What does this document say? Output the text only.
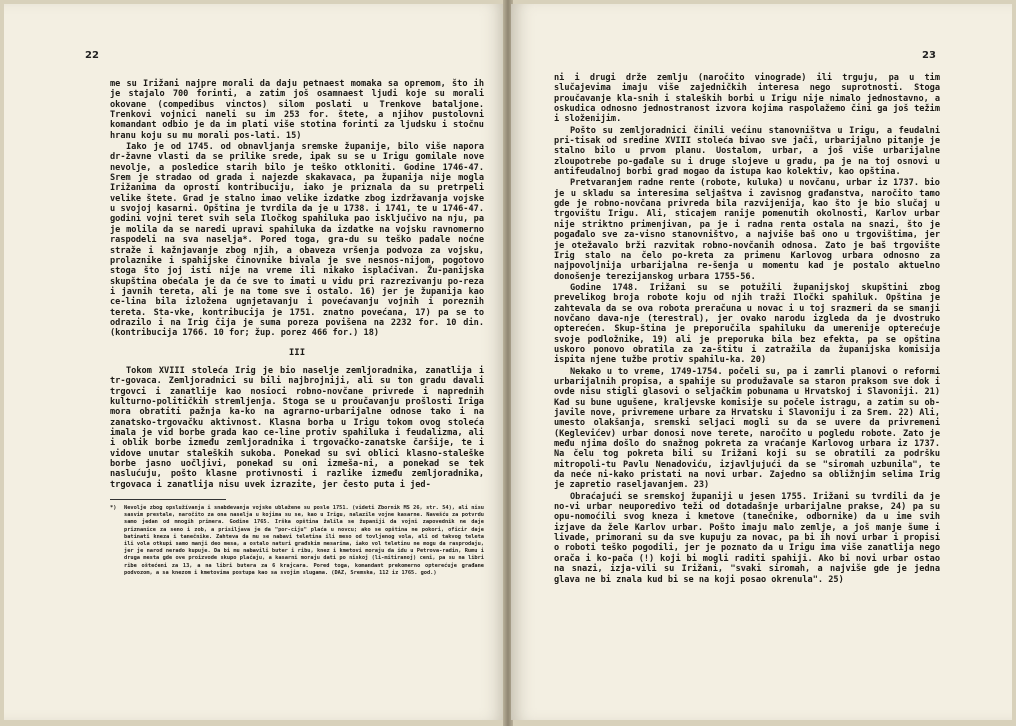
22

me su Irižani najpre morali da daju petnaest momaka sa opremom, što ih je stajalo 700 forinti, a zatim još osamnaest ljudi koje su morali okovane (compedibus vinctos) silom poslati u Trenkove bataljone. Trenkovi vojnici naneli su im 253 for. štete, a njihov pustolovni komandant odbio je da im plati više stotina forinti za ljudsku i stočnu hranu koju su mu morali pos-lati. 15)

Iako je od 1745. od obnavljanja sremske županije, bilo više napora dr-žavne vlasti da se prilike srede, ipak su se u Irigu gomilale nove nevolje, a posledice starih bilo je teško otkloniti. Godine 1746-47. Srem je stradao od grada i najezde skakavaca, pa županija nije mogla Irižanima da oprosti kontribuciju, iako je priznala da su pretrpeli velike štete. Grad je stalno imao velike izdatke zbog izdržavanja vojske u svojoj kasarni. Opština je tvrdila da je u 1738. i 1741, te u 1746-47. godini vojni teret svih sela Iločkog spahiluka pao isključivo na nju, pa je molila da se naredi upravi spahiluka da izdatke na vojsku ravnomerno raspodeli na sva naselja*. Pored toga, gra-du su teško padale noćne straže i kažnjavanje zbog njih, a obaveza vršenja podvoza za vojsku, prolaznike i spahijske činovnike bivala je sve nesnos-nijom, pogotovo stoga što joj isti nije na vreme ili nikako isplaćivan. Žu-panijska skupština obećala je da će sve to imati u vidu pri razrezivanju po-reza i javnih tereta, ali je na tome sve i ostalo. 16) jer je županija kao ce-lina bila izložena ugnjetavanju i povećavanju vojnih i poreznih tereta. Sta-vke, kontribucija je 1751. znatno povećana, 17) pa se to odrazilo i na Irig čija je suma poreza povišena na 2232 for. 10 din. (kontribucija 1766. 10 for; žup. porez 466 for.) 18)

III

Tokom XVIII stoleća Irig je bio naselje zemljoradnika, zanatlija i tr-govaca. Zemljoradnici su bili najbrojniji, ali su ton gradu davali trgovci i zanatlije kao nosioci robno-novčane privrede i naprednih kulturno-političkih stremljenja. Stoga se u proučavanju prošlosti Iriga mora obratiti pažnja ka-ko na agrarno-urbarijalne odnose tako i na zanatsko-trgovačku aktivnost. Klasna borba u Irigu tokom ovog stoleća imala je vid borbe grada kao ce-line protiv spahiluka i feudalizma, ali i oblik borbe između zemljoradnika i trgovačko-zanatske čaršije, te i vidove unutar staleških sukoba. Ponekad su svi oblici klasno-staleške borbe jasno uočljivi, ponekad su oni izmeša-ni, a ponekad se tek naslućuju, pošto klasne protivnosti i razlike između zemljoradnika, trgovaca i zanatlija nisu uvek izrazite, jer često puta i jed-

*) Nevolje zbog opslužívanja i snabdevanja vojske ublažene su posle 1751. (videti Zbornik MS 26, str. 54), ali nisu sasvim prestale, naročito za ona naselja u kojima su se, kao u Irigu, nalazile vojne kasarne. Navešću za potvrdu samo jedan od mnogih primera. Godine 1765. Irška opština žalila se županiji da vojni zapovednik ne daje priznanice za seno i zob, a prisiljava je da "por-ciju" plaća u novcu; ako se opština ne pokori, oficir daje batinati kneza i tanečnike. Zahteva da mu se nabavi teletina ili meso od tovljenog vola, ali od takvog teleta ili vola otkupi samo manji deo mesa, a ostalo naturi građskim mesarima, iako vol teletinu ne mogu da rasprodaju, jer je narod nerado kupuje. Da bi mu nabavili buter i ribu, knez i kmetovi moraju da idu u Petrova-radin, Rumu i druga mesta gde ove proizvode skupo plaćaju, a kasarni moraju dati po niskoj (li-mitiranoj) ceni, pa su na libri ribe oštećeni za 13, a na libri butera za 6 krajcara. Pored toga, komandant prekomerno opterećuje građane podvozom, a sa knezom i kmetovima postupa kao sa svojim slugama. (DAZ, Sremska, 112 iz 1765. god.)
23

ni i drugi drže zemlju (naročito vinograde) ili trguju, pa u tim slučajevima imaju više zajedničkih interesa nego suprotnosti. Stoga proučavanje kla-snih i staleških borbi u Irigu nije nimalo jednostavno, a oskudica odnosno jednostranost izvora kojima raspolažemo čini ga još težim i složenijim.

Pošto su zemljoradnici činili većinu stanovništva u Irigu, a feudalni pri-tisak od sredine XVIII stoleća bivao sve jači, urbarijalno pitanje je stalno bilo u prvom planu. Uostalom, urbar, a još više urbarijalne zloupotrebe po-gađale su i druge slojeve u gradu, pa je na toj osnovi u antifeudalnoj borbi grad mogao da istupa kao kolektiv, kao opština.

Pretvaranjem radne rente (robote, kuluka) u novčanu, urbar iz 1737. bio je u skladu sa interesima seljaštva i zavisnog građanstva, naročito tamo gde je robno-novčana privreda bila razvijenija, kao što je bio slučaj u trgovištu Irigu. Ali, sticajem ranije pomenutih okolnosti, Karlov urbar nije striktno primenjivan, pa je i radna renta ostala na snazi, što je pogađalo sve za-visno stanovništvo, a najviše baš ono u trgovištima, jer je otežavalo brži razvitak robno-novčanih odnosa. Zato je baš trgovište Irig stalo na čelo po-kreta za primenu Karlovog urbara odnosno za najpovoljnija urbarijalna re-šenja u momentu kad je postalo aktuelno donošenje terezijanskog urbara 1755-56.

Godine 1748. Irižani su se potužili županijskoj skupštini zbog prevelikog broja robote koju od njih traži Iločki spahiluk. Opština je zahtevala da se ova robota preračuna u novac i u toj srazmeri da se smanji novčano dava-nje (terestral), jer ovako narodu izgleda da je dvostruko opterećen. Skup-ština je preporučila spahiluku da umerenije opterećuje svoje podložnike, 19) ali je preporuka bila bez efekta, pa se opština uskoro ponovo obratila za za-štitu i zatražila da županijska komisija ispita njene tužbe protiv spahilu-ka. 20)

Nekako u to vreme, 1749-1754. počeli su, pa i zamrli planovi o reformi urbarijalnih propisa, a spahije su produžavale sa staron praksom sve dok i ovde nisu stigli glasovi o seljačkim pobunama u Hrvatskoj i Slavoniji. 21) Kad su bune ugušene, kraljevske komisije su počele istragu, a zatim su ob-javile nove, privremene urbare za Hrvatsku i Slavoniju i za Srem. 22) Ali, umesto olakšanja, sremski seljaci mogli su da se uvere da privremeni (Keglevićev) urbar donosi nove terete, naročito u pogledu robote. Zato je među njima došlo do snažnog pokreta za vraćanje Karlovog urbara iz 1737. Na čelu tog pokreta bili su Irižani koji su se obratili za podršku mitropoli-tu Pavlu Nenadoviću, izjavljujući da se "siromah uzbunila", te da neće ni-kako pristati na novi urbar. Zajedno sa obližnjim selima Irig je zapretio raseljavanjem. 23)

Obraćajući se sremskoj županiji u jesen 1755. Irižani su tvrdili da je no-vi urbar neuporedivo teži od dotadašnje urbarijalne prakse, 24) pa su opu-nomoćili svog kneza i kmetove (tanečnike, odbornike) da u ime svih izjave da žele Karlov urbar. Pošto imaju malo zemlje, a još manje šume i livade, primorani su da sve kupuju za novac, pa bi ih novi urbar i propisi o roboti teško pogodili, jer je poznato da u Irigu ima više zanatlija nego orača i ko-pača (!) koji bi mogli raditi spahiji. Ako bi novi urbar ostao na snazi, izja-vili su Irižani, "svaki siromah, a najviše gde je jedna glava ne bi znala kud bi se na koji posao okrenula". 25)
